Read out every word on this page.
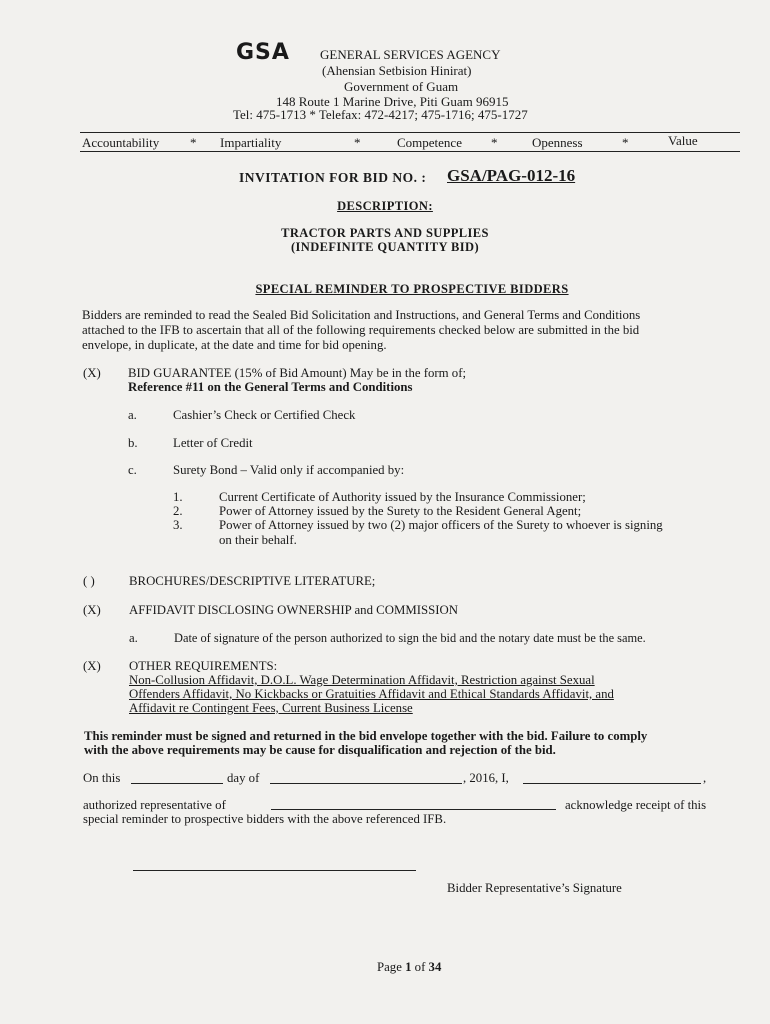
GSA GENERAL SERVICES AGENCY
(Ahensian Setbision Hinirat)
Government of Guam
148 Route 1 Marine Drive, Piti Guam 96915
Tel: 475-1713 * Telefax: 472-4217; 475-1716; 475-1727
Accountability * Impartiality	*	Competence *	Openness	*	Value
INVITATION FOR BID NO. : GSA/PAG-012-16
DESCRIPTION:
TRACTOR PARTS AND SUPPLIES
(INDEFINITE QUANTITY BID)
SPECIAL REMINDER TO PROSPECTIVE BIDDERS
Bidders are reminded to read the Sealed Bid Solicitation and Instructions, and General Terms and Conditions
attached to the IFB to ascertain that all of the following requirements checked below are submitted in the bid
envelope, in duplicate, at the date and time for bid opening.
(X) BID GUARANTEE (15% of Bid Amount) May be in the form of;
Reference #11 on the General Terms and Conditions
a.	Cashier’s Check or Certified Check
b.	Letter of Credit
c.	Surety Bond – Valid only if accompanied by:
1.	Current Certificate of Authority issued by the Insurance Commissioner;
2.	Power of Attorney issued by the Surety to the Resident General Agent;
3.	Power of Attorney issued by two (2) major officers of the Surety to whoever is signing
on their behalf.
( )	BROCHURES/DESCRIPTIVE LITERATURE;
(X) AFFIDAVIT DISCLOSING OWNERSHIP and COMMISSION
a.	Date of signature of the person authorized to sign the bid and the notary date must be the same.
(X) OTHER REQUIREMENTS:
Non-Collusion Affidavit, D.O.L. Wage Determination Affidavit, Restriction against Sexual
Offenders Affidavit, No Kickbacks or Gratuities Affidavit and Ethical Standards Affidavit, and
Affidavit re Contingent Fees, Current Business License
This reminder must be signed and returned in the bid envelope together with the bid. Failure to comply
with the above requirements may be cause for disqualification and rejection of the bid.
On this	day of	, 2016, I,	,
authorized representative of	acknowledge receipt of this
special reminder to prospective bidders with the above referenced IFB.
Bidder Representative’s Signature
Page 1 of 34
